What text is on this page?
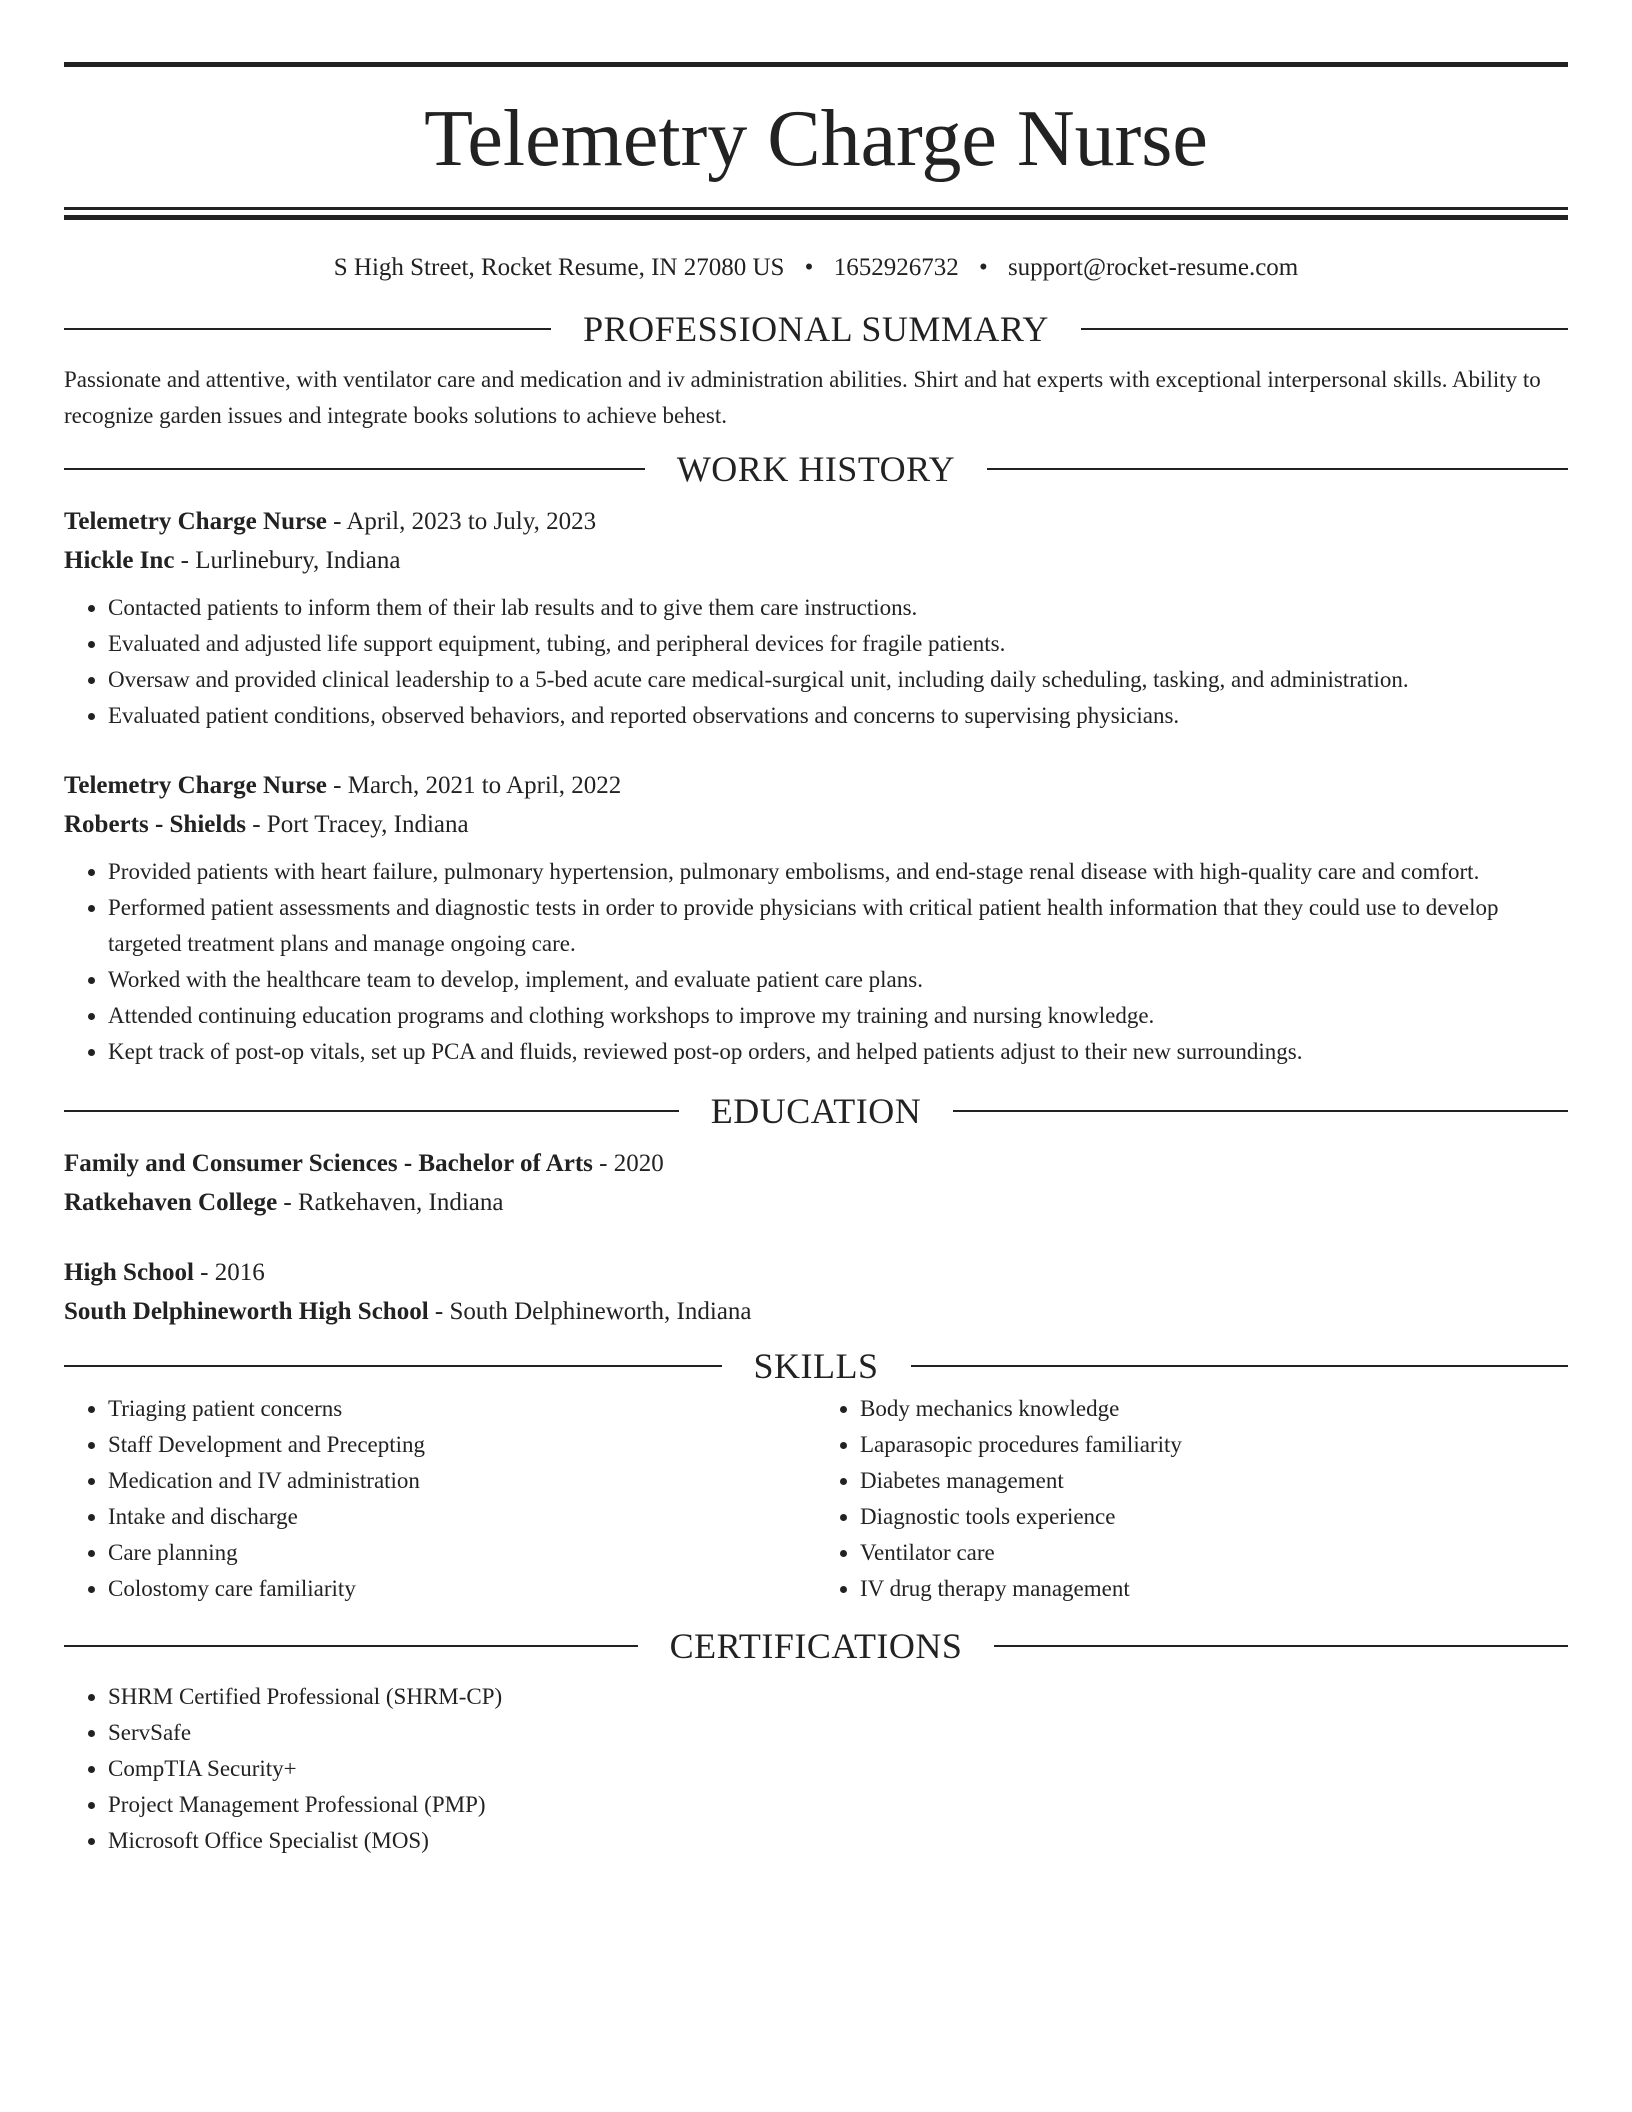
Telemetry Charge Nurse
S High Street, Rocket Resume, IN 27080 US • 1652926732 • support@rocket-resume.com
PROFESSIONAL SUMMARY

Passionate and attentive, with ventilator care and medication and iv administration abilities. Shirt and hat experts with exceptional interpersonal skills. Ability to recognize garden issues and integrate books solutions to achieve behest.

WORK HISTORY
Telemetry Charge Nurse - April, 2023 to July, 2023
Hickle Inc - Lurlinebury, Indiana
• Contacted patients to inform them of their lab results and to give them care instructions.
• Evaluated and adjusted life support equipment, tubing, and peripheral devices for fragile patients.
• Oversaw and provided clinical leadership to a 5-bed acute care medical-surgical unit, including daily scheduling, tasking, and administration.
• Evaluated patient conditions, observed behaviors, and reported observations and concerns to supervising physicians.
Telemetry Charge Nurse - March, 2021 to April, 2022
Roberts - Shields - Port Tracey, Indiana
• Provided patients with heart failure, pulmonary hypertension, pulmonary embolisms, and end-stage renal disease with high-quality care and comfort.
• Performed patient assessments and diagnostic tests in order to provide physicians with critical patient health information that they could use to develop targeted treatment plans and manage ongoing care.
• Worked with the healthcare team to develop, implement, and evaluate patient care plans.
• Attended continuing education programs and clothing workshops to improve my training and nursing knowledge.
• Kept track of post-op vitals, set up PCA and fluids, reviewed post-op orders, and helped patients adjust to their new surroundings.
EDUCATION
Family and Consumer Sciences - Bachelor of Arts - 2020
Ratkehaven College - Ratkehaven, Indiana
High School - 2016
South Delphineworth High School - South Delphineworth, Indiana
SKILLS
• Triaging patient concerns
• Staff Development and Precepting
• Medication and IV administration
• Intake and discharge
• Care planning
• Colostomy care familiarity
• Body mechanics knowledge
• Laparasopic procedures familiarity
• Diabetes management
• Diagnostic tools experience
• Ventilator care
• IV drug therapy management
CERTIFICATIONS
• SHRM Certified Professional (SHRM-CP)
• ServSafe
• CompTIA Security+
• Project Management Professional (PMP)
• Microsoft Office Specialist (MOS)
